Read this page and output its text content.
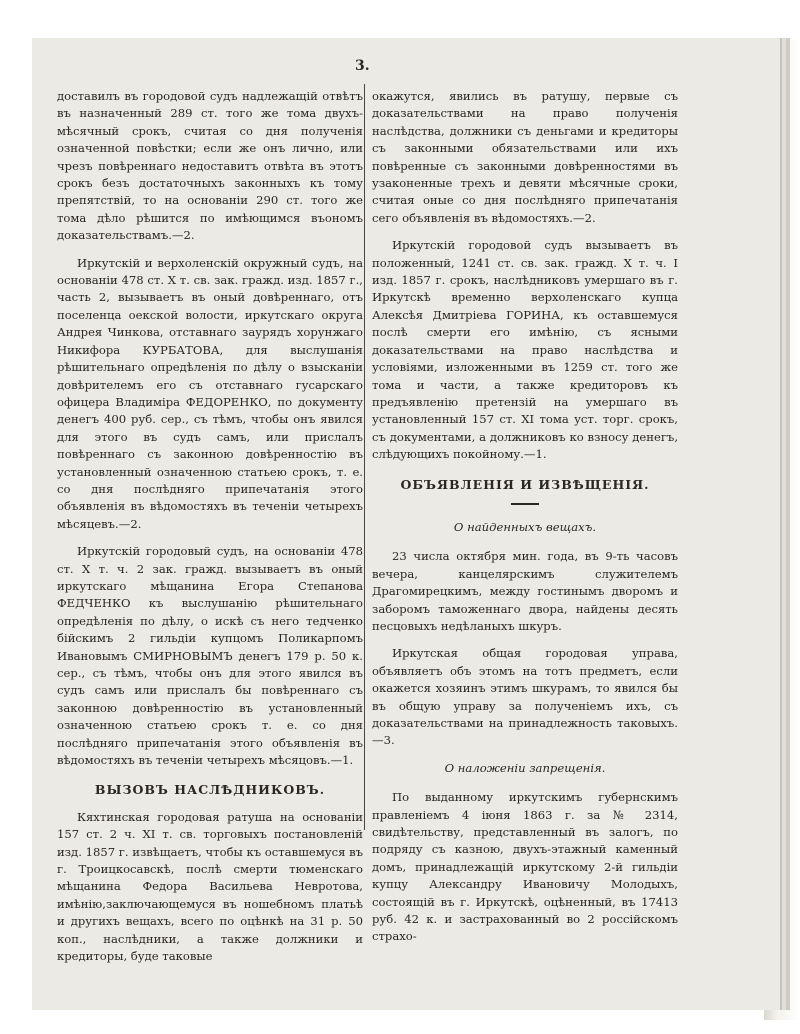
3.

доставилъ въ городовой судъ надлежащій отвѣтъ въ назначенный 289 ст. того же тома двухъ-мѣсячный срокъ, считая со дня полученія означенной повѣстки; если же онъ лично, или чрезъ повѣреннаго недоставитъ отвѣта въ этотъ срокъ безъ достаточныхъ законныхъ къ тому препятствій, то на основаніи 290 ст. того же тома дѣло рѣшится по имѣющимся въономъ доказательствамъ.—2.

Иркутскій и верхоленскій окружный судъ, на основаніи 478 ст. X т. св. зак. гражд. изд. 1857 г., часть 2, вызываетъ въ оный довѣреннаго, отъ поселенца оекской волости, иркутскаго округа Андрея Чинкова, отставнаго заурядъ хорунжаго Никифора КУРБАТОВА, для выслушанія рѣшительнаго опредѣленія по дѣлу о взысканіи довѣрителемъ его съ отставнаго гусарскаго офицера Владиміра ФЕДОРЕНКО, по документу денегъ 400 руб. сер., съ тѣмъ, чтобы онъ явился для этого въ судъ самъ, или прислалъ повѣреннаго съ законною довѣренностію въ установленный означенною статьею срокъ, т. е. со дня послѣдняго припечатанія этого объявленія въ вѣдомостяхъ въ теченіи четырехъ мѣсяцевъ.—2.

Иркутскій городовый судъ, на основаніи 478 ст. X т. ч. 2 зак. гражд. вызываетъ въ оный иркутскаго мѣщанина Егора Степанова ФЕДЧЕНКО къ выслушанію рѣшительнаго опредѣленія по дѣлу, о искѣ съ него тедченко бійскимъ 2 гильдіи купцомъ Поликарпомъ Ивановымъ СМИРНОВЫМЪ денегъ 179 р. 50 к. сер., съ тѣмъ, чтобы онъ для этого явился въ судъ самъ или прислалъ бы повѣреннаго съ законною довѣренностію въ установленный означенною статьею срокъ т. е. со дня послѣдняго припечатанія этого объявленія въ вѣдомостяхъ въ теченіи четырехъ мѣсяцовъ.—1.

ВЫЗОВЪ НАСЛѢДНИКОВЪ.

Кяхтинская городовая ратуша на основаніи 157 ст. 2 ч. XI т. св. торговыхъ постановленій изд. 1857 г. извѣщаетъ, чтобы къ оставшемуся въ г. Троицкосавскѣ, послѣ смерти тюменскаго мѣщанина Федора Васильева Невротова, имѣнію,заключающемуся въ ношебномъ платьѣ и другихъ вещахъ, всего по оцѣнкѣ на 31 р. 50 коп., наслѣдники, а также должники и кредиторы, буде таковые

окажутся, явились въ ратушу, первые съ доказательствами на право полученія наслѣдства, должники съ деньгами и кредиторы съ законными обязательствами или ихъ повѣренные съ законными довѣренностями въ узаконенные трехъ и девяти мѣсячные сроки, считая оные со дня послѣдняго припечатанія сего объявленія въ вѣдомостяхъ.—2.

Иркутскій городовой судъ вызываетъ въ положенный, 1241 ст. св. зак. гражд. X т. ч. I изд. 1857 г. срокъ, наслѣдниковъ умершаго въ г. Иркутскѣ временно верхоленскаго купца Алексѣя Дмитріева ГОРИНА, къ оставшемуся послѣ смерти его имѣнію, съ ясными доказательствами на право наслѣдства и условіями, изложенными въ 1259 ст. того же тома и части, а также кредиторовъ къ предъявленію претензій на умершаго въ установленный 157 ст. XI тома уст. торг. срокъ, съ документами, а должниковъ ко взносу денегъ, слѣдующихъ покойному.—1.

ОБЪЯВЛЕНІЯ И ИЗВѢЩЕНІЯ.
О найденныхъ вещахъ.

23 числа октября мин. года, въ 9-ть часовъ вечера, канцелярскимъ служителемъ Драгомирецкимъ, между гостинымъ дворомъ и заборомъ таможеннаго двора, найдены десять песцовыхъ недѣланыхъ шкуръ.

Иркутская общая городовая управа, объявляетъ объ этомъ на тотъ предметъ, если окажется хозяинъ этимъ шкурамъ, то явился бы въ общую управу за полученіемъ ихъ, съ доказательствами на принадлежность таковыхъ.—3.

О наложеніи запрещенія.

По выданному иркутскимъ губернскимъ правленіемъ 4 іюня 1863 г. за № 2314, свидѣтельству, представленный въ залогъ, по подряду съ казною, двухъ-этажный каменный домъ, принадлежащій иркутскому 2-й гильдіи купцу Александру Ивановичу Молодыхъ, состоящій въ г. Иркутскѣ, оцѣненный, въ 17413 руб. 42 к. и застрахованный во 2 россійскомъ страхо-
